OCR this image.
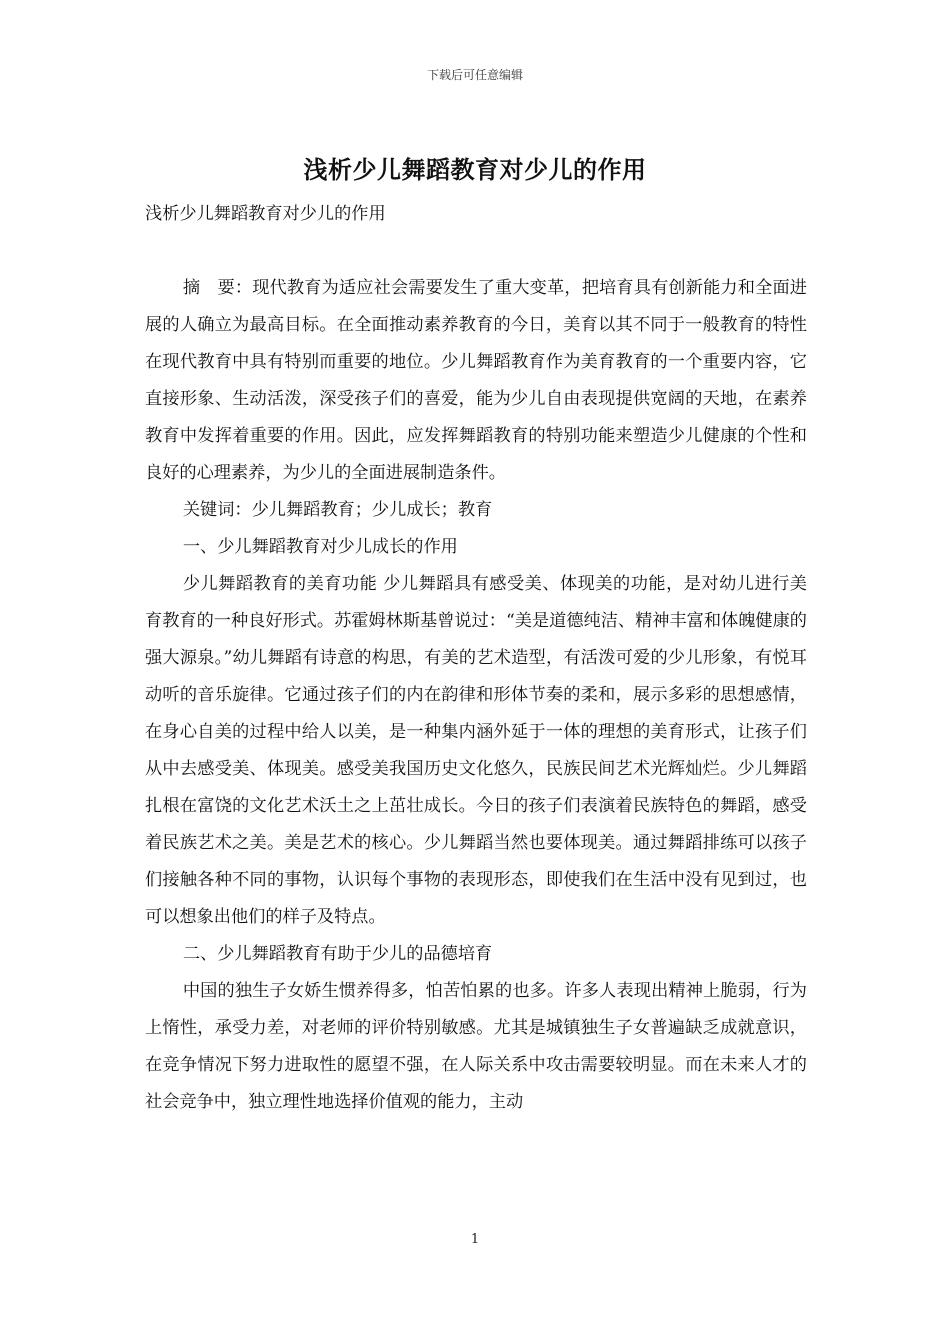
下载后可任意编辑
浅析少儿舞蹈教育对少儿的作用

浅析少儿舞蹈教育对少儿的作用

摘　要：现代教育为适应社会需要发生了重大变革，把培育具有创新能力和全面进展的人确立为最高目标。在全面推动素养教育的今日，美育以其不同于一般教育的特性在现代教育中具有特别而重要的地位。少儿舞蹈教育作为美育教育的一个重要内容，它直接形象、生动活泼，深受孩子们的喜爱，能为少儿自由表现提供宽阔的天地，在素养教育中发挥着重要的作用。因此，应发挥舞蹈教育的特别功能来塑造少儿健康的个性和良好的心理素养，为少儿的全面进展制造条件。

关键词：少儿舞蹈教育；少儿成长；教育

一、少儿舞蹈教育对少儿成长的作用

少儿舞蹈教育的美育功能 少儿舞蹈具有感受美、体现美的功能，是对幼儿进行美育教育的一种良好形式。苏霍姆林斯基曾说过：“美是道德纯洁、精神丰富和体魄健康的强大源泉。”幼儿舞蹈有诗意的构思，有美的艺术造型，有活泼可爱的少儿形象，有悦耳动听的音乐旋律。它通过孩子们的内在韵律和形体节奏的柔和，展示多彩的思想感情，在身心自美的过程中给人以美，是一种集内涵外延于一体的理想的美育形式，让孩子们从中去感受美、体现美。感受美我国历史文化悠久，民族民间艺术光辉灿烂。少儿舞蹈扎根在富饶的文化艺术沃土之上茁壮成长。今日的孩子们表演着民族特色的舞蹈，感受着民族艺术之美。美是艺术的核心。少儿舞蹈当然也要体现美。通过舞蹈排练可以孩子们接触各种不同的事物，认识每个事物的表现形态，即使我们在生活中没有见到过，也可以想象出他们的样子及特点。

二、少儿舞蹈教育有助于少儿的品德培育

中国的独生子女娇生惯养得多，怕苦怕累的也多。许多人表现出精神上脆弱，行为上惰性，承受力差，对老师的评价特别敏感。尤其是城镇独生子女普遍缺乏成就意识，在竞争情况下努力进取性的愿望不强，在人际关系中攻击需要较明显。而在未来人才的社会竞争中，独立理性地选择价值观的能力，主动

1
